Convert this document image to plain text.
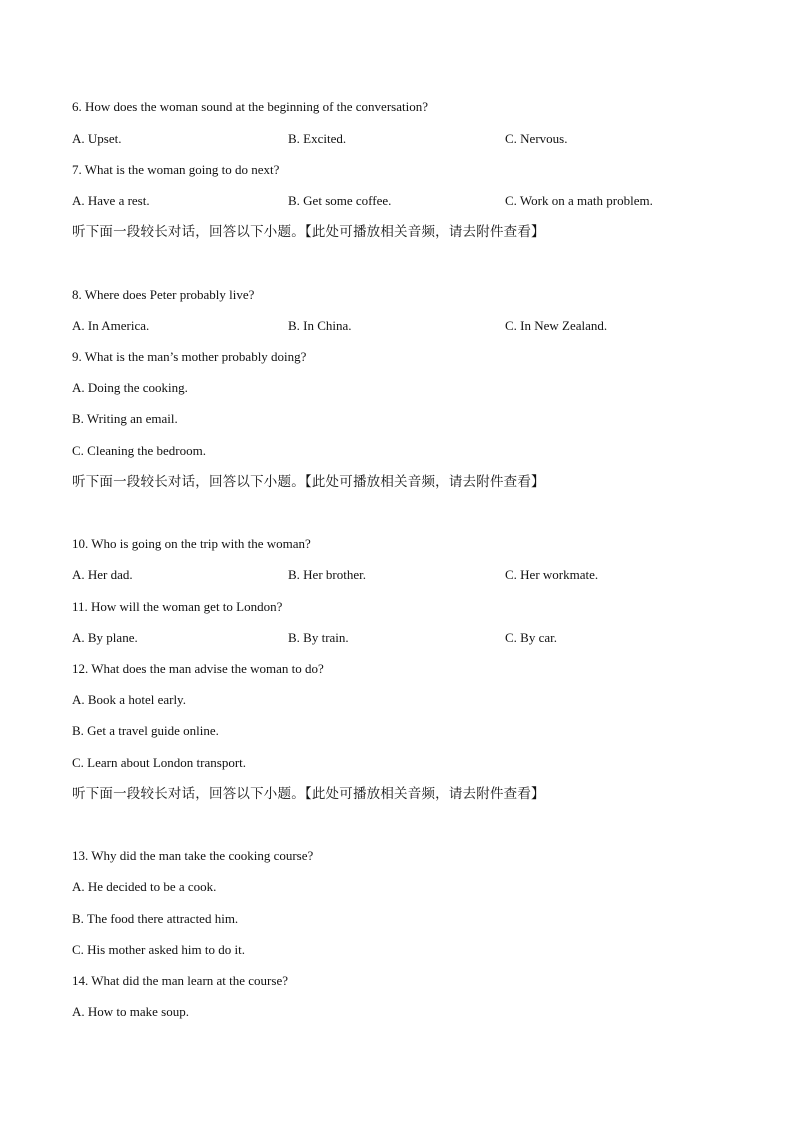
6. How does the woman sound at the beginning of the conversation?
A. Upset.	B. Excited.	C. Nervous.
7. What is the woman going to do next?
A. Have a rest.	B. Get some coffee.	C. Work on a math problem.
听下面一段较长对话，回答以下小题。【此处可播放相关音频，请去附件查看】
8. Where does Peter probably live?
A. In America.	B. In China.	C. In New Zealand.
9. What is the man’s mother probably doing?
A. Doing the cooking.
B. Writing an email.
C. Cleaning the bedroom.
听下面一段较长对话，回答以下小题。【此处可播放相关音频，请去附件查看】
10. Who is going on the trip with the woman?
A. Her dad.	B. Her brother.	C. Her workmate.
11. How will the woman get to London?
A. By plane.	B. By train.	C. By car.
12. What does the man advise the woman to do?
A. Book a hotel early.
B. Get a travel guide online.
C. Learn about London transport.
听下面一段较长对话，回答以下小题。【此处可播放相关音频，请去附件查看】
13. Why did the man take the cooking course?
A. He decided to be a cook.
B. The food there attracted him.
C. His mother asked him to do it.
14. What did the man learn at the course?
A. How to make soup.
